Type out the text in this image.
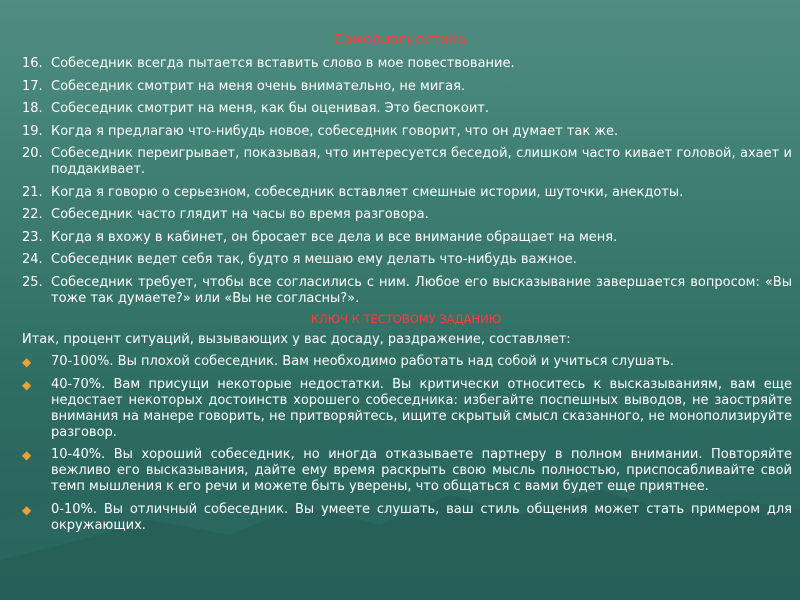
Самодиагностика
16. Собеседник всегда пытается вставить слово в мое повествование.
17. Собеседник смотрит на меня очень внимательно, не мигая.
18. Собеседник смотрит на меня, как бы оценивая. Это беспокоит.
19. Когда я предлагаю что-нибудь новое, собеседник говорит, что он думает так же.
20. Собеседник переигрывает, показывая, что интересуется беседой, слишком часто кивает головой, ахает и поддакивает.
21. Когда я говорю о серьезном, собеседник вставляет смешные истории, шуточки, анекдоты.
22. Собеседник часто глядит на часы во время разговора.
23. Когда я вхожу в кабинет, он бросает все дела и все внимание обращает на меня.
24. Собеседник ведет себя так, будто я мешаю ему делать что-нибудь важное.
25. Собеседник требует, чтобы все согласились с ним. Любое его высказывание завершается вопросом: «Вы тоже так думаете?» или «Вы не согласны?».
КЛЮЧ К ТЕСТОВОМУ ЗАДАНИЮ
Итак, процент ситуаций, вызывающих у вас досаду, раздражение, составляет:
◆ 70-100%. Вы плохой собеседник. Вам необходимо работать над собой и учиться слушать.
◆ 40-70%. Вам присущи некоторые недостатки. Вы критически относитесь к высказываниям, вам еще недостает некоторых достоинств хорошего собеседника: избегайте поспешных выводов, не заостряйте внимания на манере говорить, не притворяйтесь, ищите скрытый смысл сказанного, не монополизируйте разговор.
◆ 10-40%. Вы хороший собеседник, но иногда отказываете партнеру в полном внимании. Повторяйте вежливо его высказывания, дайте ему время раскрыть свою мысль полностью, приспосабливайте свой темп мышления к его речи и можете быть уверены, что общаться с вами будет еще приятнее.
◆ 0-10%. Вы отличный собеседник. Вы умеете слушать, ваш стиль общения может стать примером для окружающих.
